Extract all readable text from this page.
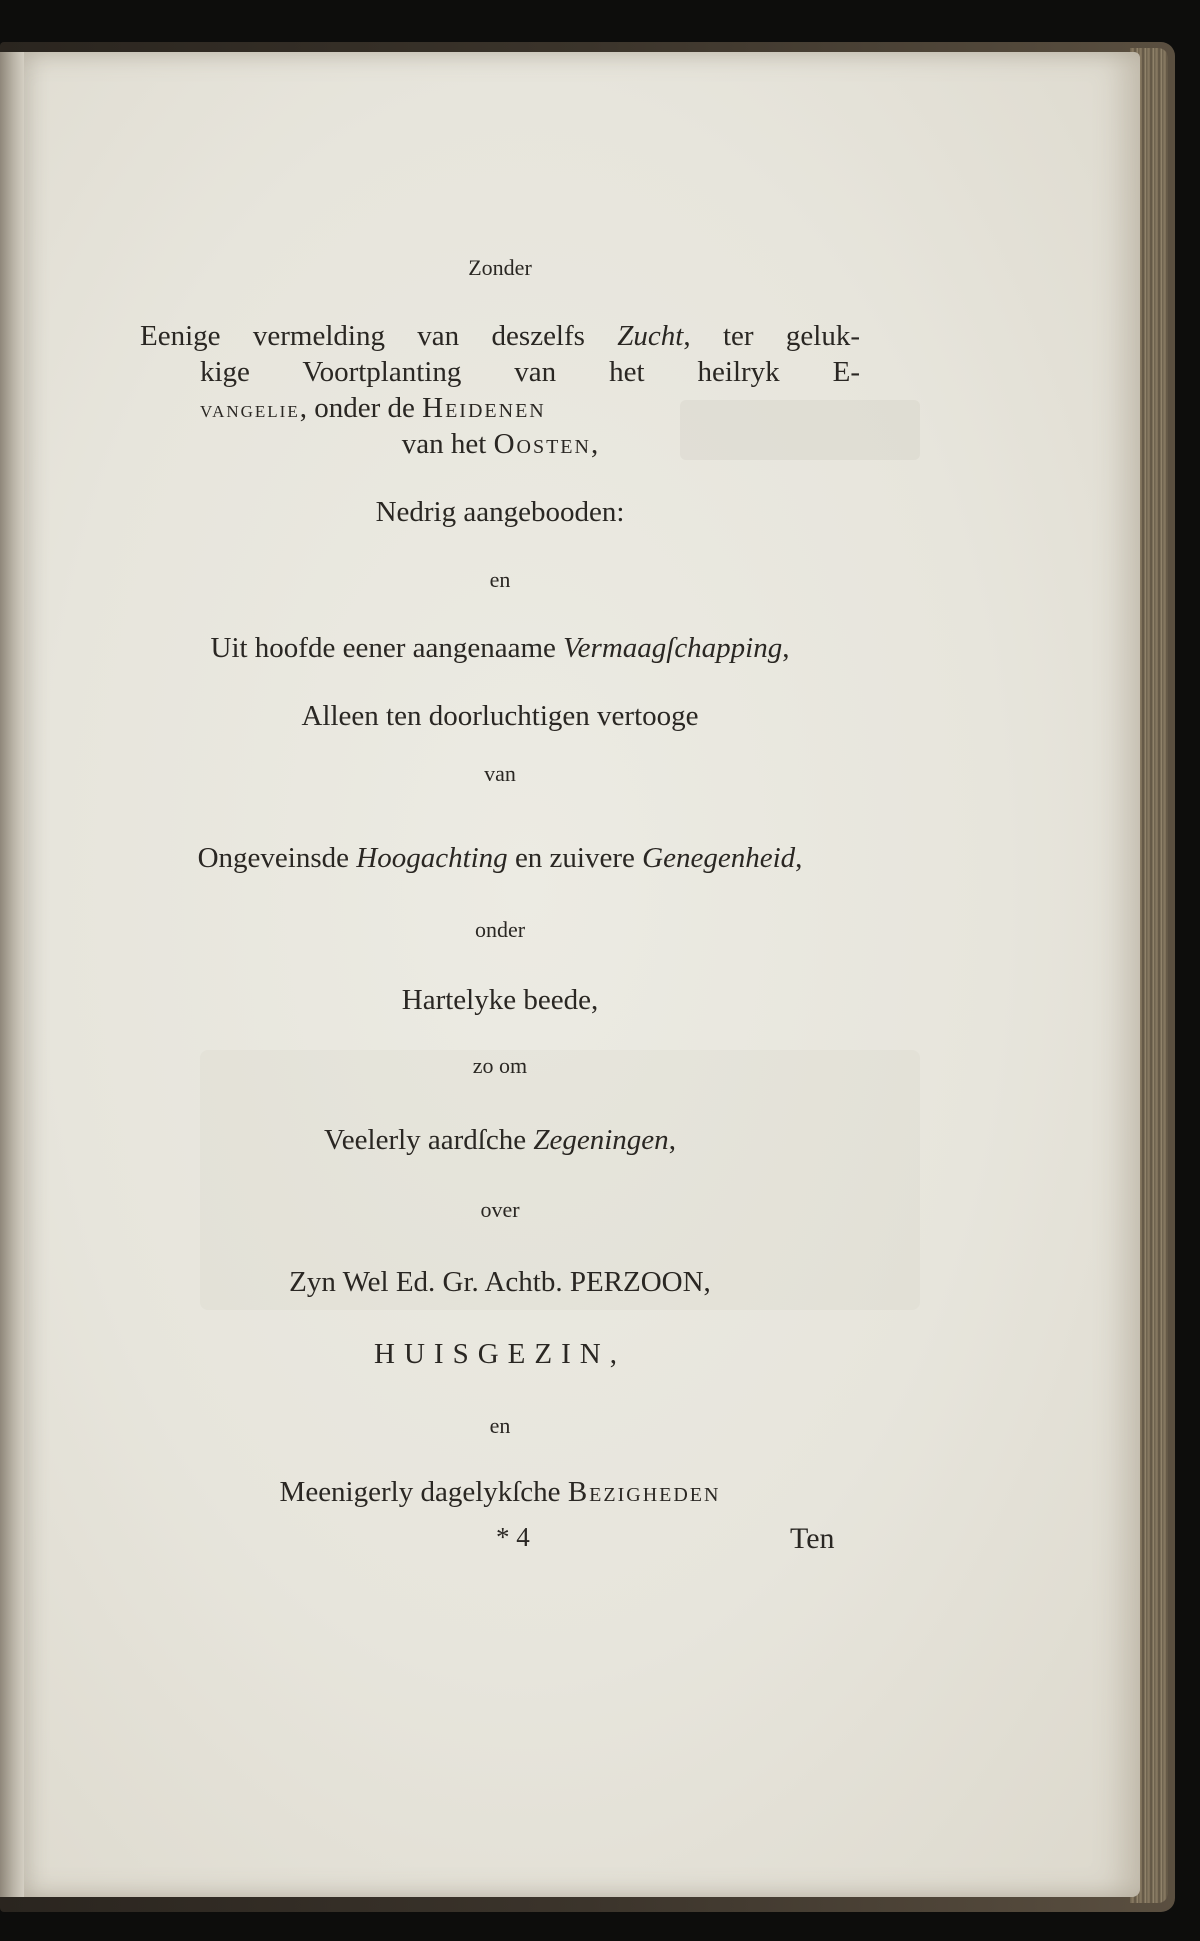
Zonder
Eenige vermelding van deszelfs Zucht, ter geluk-
kige Voortplanting van het heilryk E-
vangelie, onder de Heidenen
van het Oosten,
Nedrig aangebooden:
en
Uit hoofde eener aangenaame Vermaagſchapping,
Alleen ten doorluchtigen vertooge
van
Ongeveinsde Hoogachting en zuivere Genegenheid,
onder
Hartelyke beede,
zo om
Veelerly aardſche Zegeningen,
over
Zyn Wel Ed. Gr. Achtb. PERZOON,
HUISGEZIN,
en
Meenigerly dagelykſche Bezigheden
* 4	Ten
